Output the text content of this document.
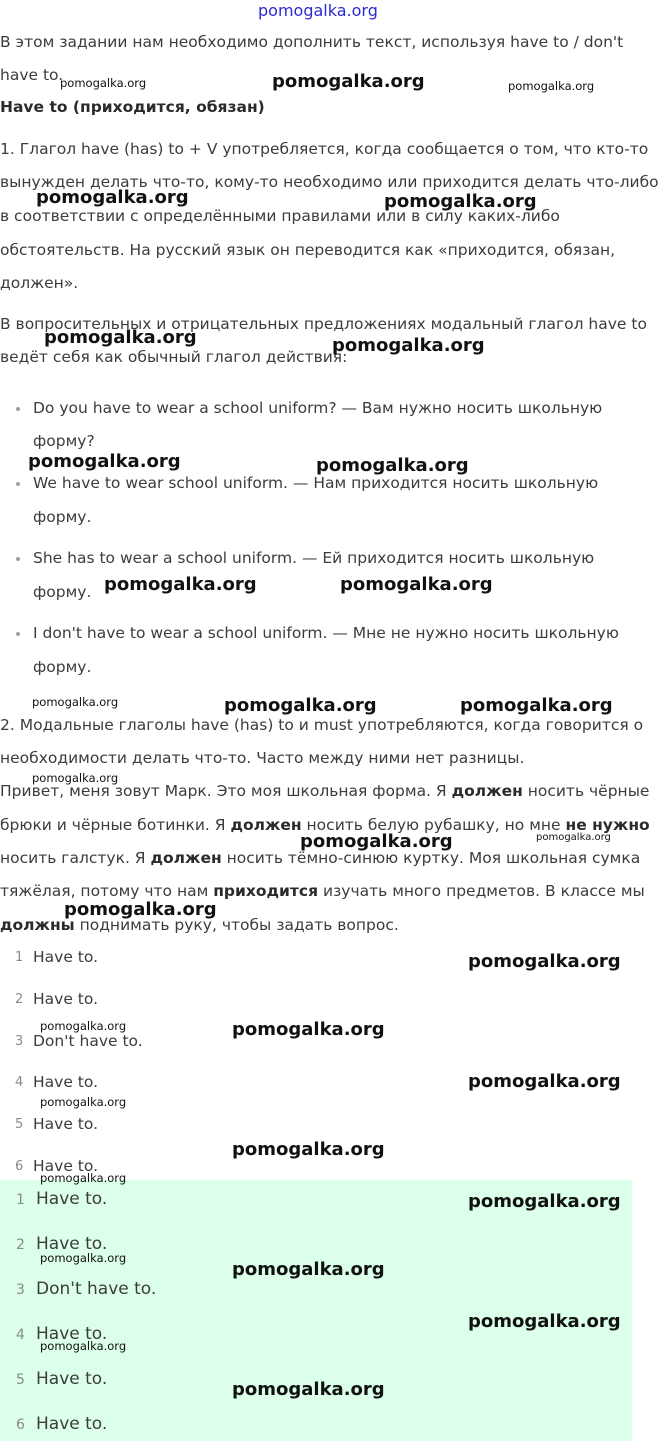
pomogalka.org
В этом задании нам необходимо дополнить текст, используя have to / don't
have to.
Have to (приходится, обязан)
1. Глагол have (has) to + V употребляется, когда сообщается о том, что кто-то
вынужден делать что-то, кому-то необходимо или приходится делать что-либо
в соответствии с определёнными правилами или в силу каких-либо
обстоятельств. На русский язык он переводится как «приходится, обязан,
должен».
В вопросительных и отрицательных предложениях модальный глагол have to
ведёт себя как обычный глагол действия:
Do you have to wear a school uniform? — Вам нужно носить школьную
форму?
We have to wear school uniform. — Нам приходится носить школьную
форму.
She has to wear a school uniform. — Ей приходится носить школьную
форму.
I don't have to wear a school uniform. — Мне не нужно носить школьную
форму.
2. Модальные глаголы have (has) to и must употребляются, когда говорится о
необходимости делать что-то. Часто между ними нет разницы.
Привет, меня зовут Марк. Это моя школьная форма. Я должен носить чёрные
брюки и чёрные ботинки. Я должен носить белую рубашку, но мне не нужно
носить галстук. Я должен носить тёмно-синюю куртку. Моя школьная сумка
тяжёлая, потому что нам приходится изучать много предметов. В классе мы
должны поднимать руку, чтобы задать вопрос.
1 Have to.
2 Have to.
3 Don't have to.
4 Have to.
5 Have to.
6 Have to.
1 Have to.
2 Have to.
3 Don't have to.
4 Have to.
5 Have to.
6 Have to.
pomogalka.org	pomogalka.org	pomogalka.org
pomogalka.org	pomogalka.org
pomogalka.org	pomogalka.org
pomogalka.org	pomogalka.org
pomogalka.org	pomogalka.org
pomogalka.org	pomogalka.org	pomogalka.org
pomogalka.org
pomogalka.org	pomogalka.org
pomogalka.org
pomogalka.org
pomogalka.org	pomogalka.org
pomogalka.org
pomogalka.org
pomogalka.org
pomogalka.org
pomogalka.org
pomogalka.org
pomogalka.org
pomogalka.org
pomogalka.org
pomogalka.org
